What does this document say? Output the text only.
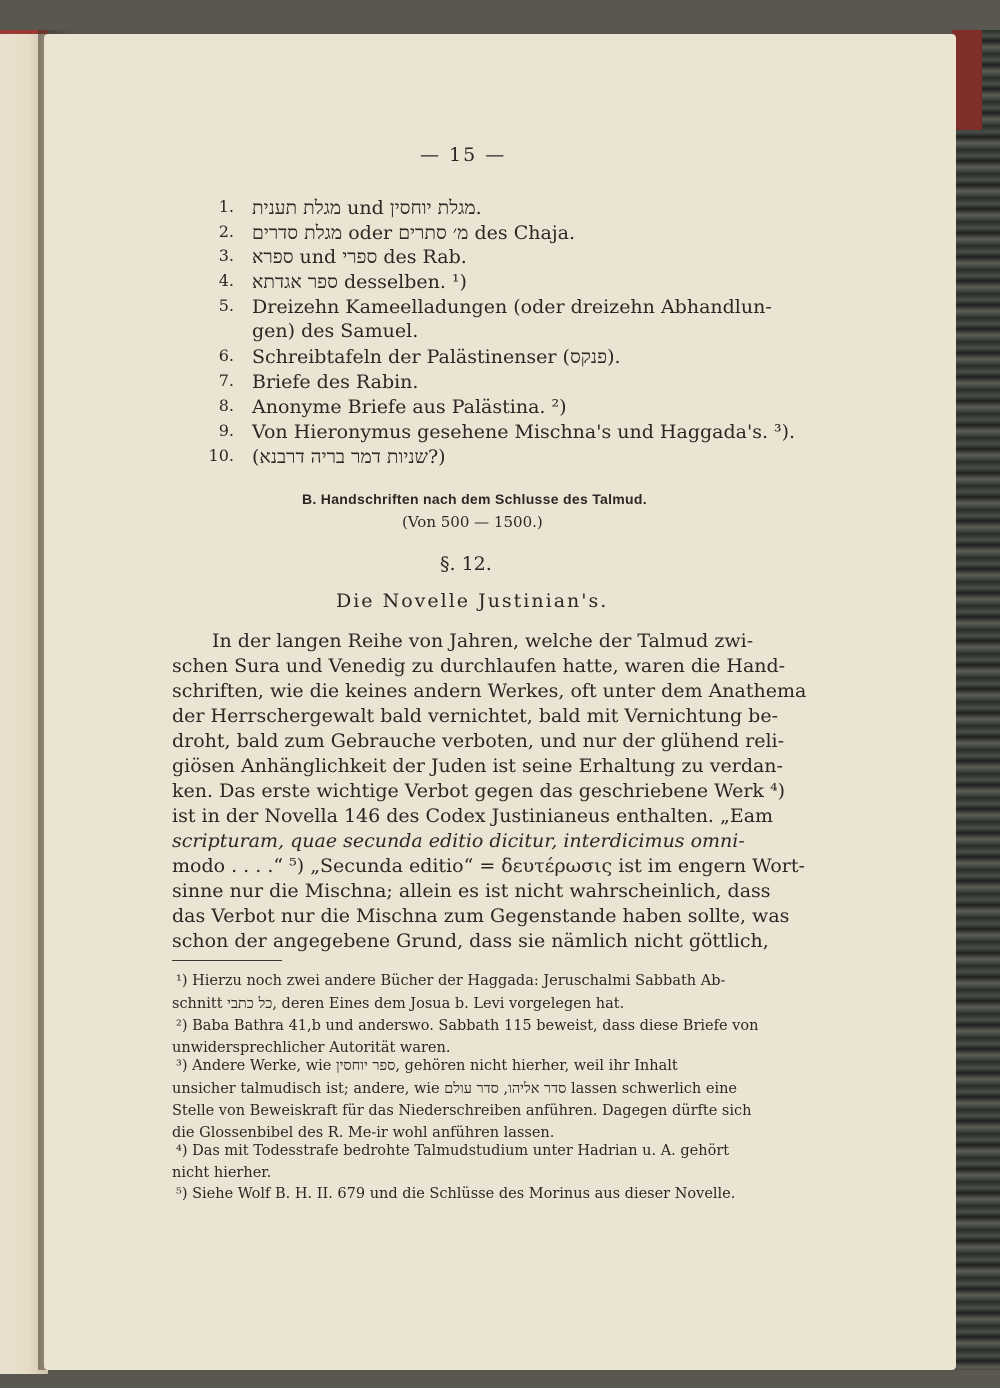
— 15 —
1. מגלת תענית und מגלת יוחסין.
2. מגלת סדרים oder מ׳ סתרים des Chaja.
3. ספרא und ספרי des Rab.
4. ספר אגדתא desselben. ¹)
5. Dreizehn Kameelladungen (oder dreizehn Abhandlun-
gen) des Samuel.
6. Schreibtafeln der Palästinenser (פנקס).
7. Briefe des Rabin.
8. Anonyme Briefe aus Palästina. ²)
9. Von Hieronymus gesehene Mischna's und Haggada's. ³).
10. (שניות דמר בריה דרבנא?)
B. Handschriften nach dem Schlusse des Talmud.
(Von 500 — 1500.)
§. 12.
Die Novelle Justinian's.
In der langen Reihe von Jahren, welche der Talmud zwi-
schen Sura und Venedig zu durchlaufen hatte, waren die Hand-
schriften, wie die keines andern Werkes, oft unter dem Anathema
der Herrschergewalt bald vernichtet, bald mit Vernichtung be-
droht, bald zum Gebrauche verboten, und nur der glühend reli-
giösen Anhänglichkeit der Juden ist seine Erhaltung zu verdan-
ken. Das erste wichtige Verbot gegen das geschriebene Werk ⁴)
ist in der Novella 146 des Codex Justinianeus enthalten. „Eam
scripturam, quae secunda editio dicitur, interdicimus omni-
modo . . . .“ ⁵) „Secunda editio“ = δευτέρωσις ist im engern Wort-
sinne nur die Mischna; allein es ist nicht wahrscheinlich, dass
das Verbot nur die Mischna zum Gegenstande haben sollte, was
schon der angegebene Grund, dass sie nämlich nicht göttlich,
¹) Hierzu noch zwei andere Bücher der Haggada: Jeruschalmi Sabbath Ab-
schnitt כל כתבי, deren Eines dem Josua b. Levi vorgelegen hat.
²) Baba Bathra 41,b und anderswo. Sabbath 115 beweist, dass diese Briefe von
unwidersprechlicher Autorität waren.
³) Andere Werke, wie ספר יוחסין, gehören nicht hierher, weil ihr Inhalt
unsicher talmudisch ist; andere, wie סדר אליהו, סדר עולם lassen schwerlich eine
Stelle von Beweiskraft für das Niederschreiben anführen. Dagegen dürfte sich
die Glossenbibel des R. Me-ir wohl anführen lassen.
⁴) Das mit Todesstrafe bedrohte Talmudstudium unter Hadrian u. A. gehört
nicht hierher.
⁵) Siehe Wolf B. H. II. 679 und die Schlüsse des Morinus aus dieser Novelle.
